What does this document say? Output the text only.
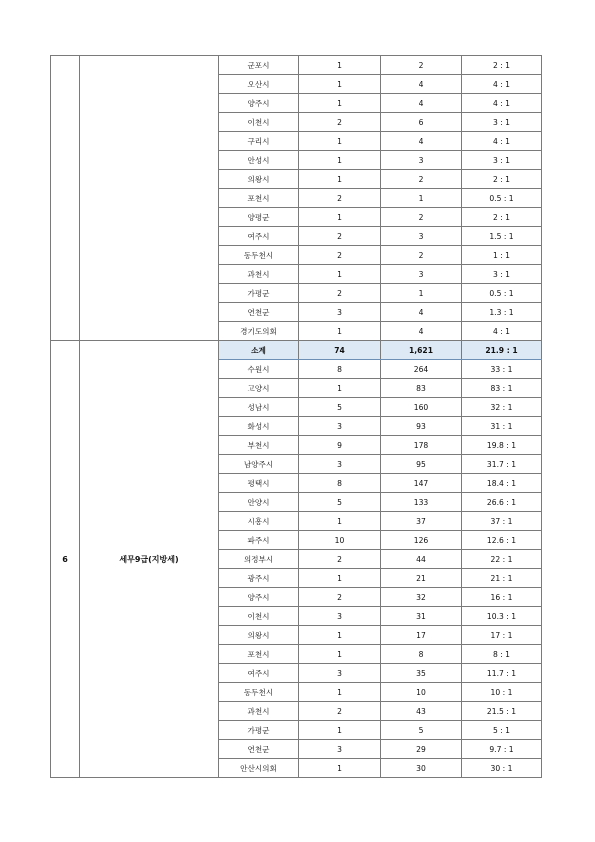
		군포시	1	2	2 : 1
		오산시	1	4	4 : 1
		양주시	1	4	4 : 1
		이천시	2	6	3 : 1
		구리시	1	4	4 : 1
		안성시	1	3	3 : 1
		의왕시	1	2	2 : 1
		포천시	2	1	0.5 : 1
		양평군	1	2	2 : 1
		여주시	2	3	1.5 : 1
		동두천시	2	2	1 : 1
		과천시	1	3	3 : 1
		가평군	2	1	0.5 : 1
		연천군	3	4	1.3 : 1
		경기도의회	1	4	4 : 1
6	세무9급(지방세)	소계	74	1,621	21.9 : 1
		수원시	8	264	33 : 1
		고양시	1	83	83 : 1
		성남시	5	160	32 : 1
		화성시	3	93	31 : 1
		부천시	9	178	19.8 : 1
		남양주시	3	95	31.7 : 1
		평택시	8	147	18.4 : 1
		안양시	5	133	26.6 : 1
		시흥시	1	37	37 : 1
		파주시	10	126	12.6 : 1
		의정부시	2	44	22 : 1
		광주시	1	21	21 : 1
		양주시	2	32	16 : 1
		이천시	3	31	10.3 : 1
		의왕시	1	17	17 : 1
		포천시	1	8	8 : 1
		여주시	3	35	11.7 : 1
		동두천시	1	10	10 : 1
		과천시	2	43	21.5 : 1
		가평군	1	5	5 : 1
		연천군	3	29	9.7 : 1
		안산시의회	1	30	30 : 1
